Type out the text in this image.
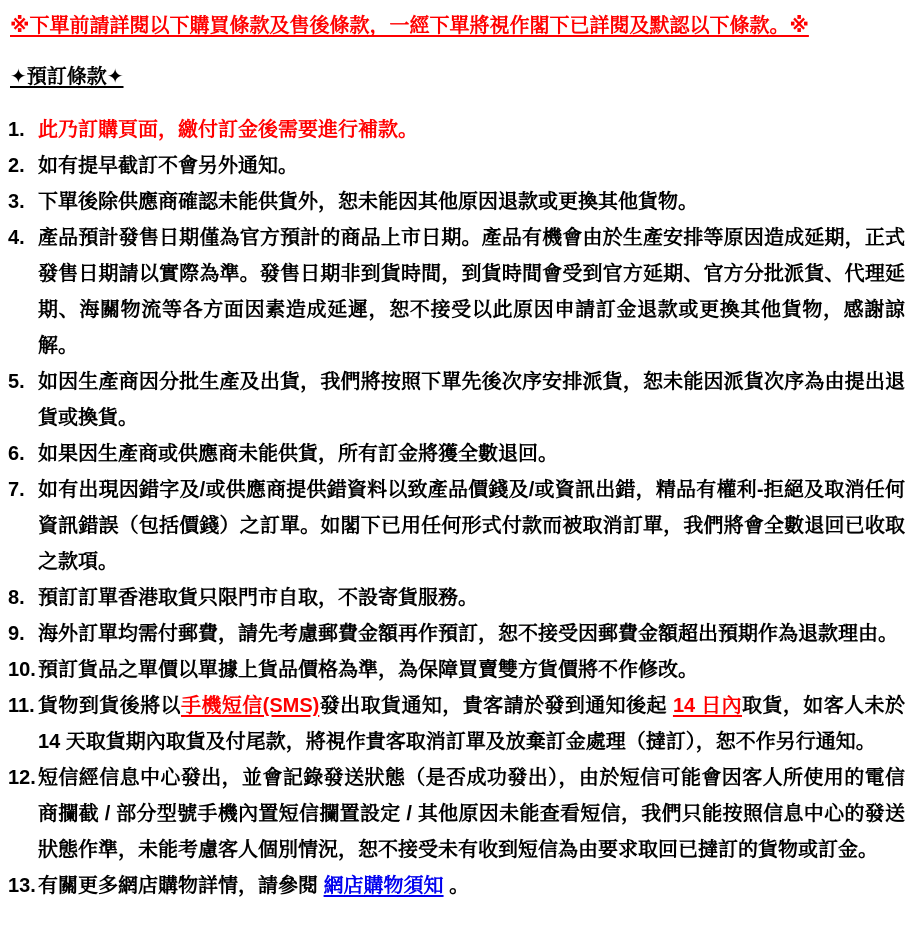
※下單前請詳閱以下購買條款及售後條款，一經下單將視作閣下已詳閱及默認以下條款。※

✦預訂條款✦
1. 此乃訂購頁面，繳付訂金後需要進行補款。
2. 如有提早截訂不會另外通知。
3. 下單後除供應商確認未能供貨外，恕未能因其他原因退款或更換其他貨物。
4. 產品預計發售日期僅為官方預計的商品上市日期。產品有機會由於生產安排等原因造成延期，正式發售日期請以實際為準。發售日期非到貨時間，到貨時間會受到官方延期、官方分批派貨、代理延期、海關物流等各方面因素造成延遲，恕不接受以此原因申請訂金退款或更換其他貨物，感謝諒解。
5. 如因生產商因分批生產及出貨，我們將按照下單先後次序安排派貨，恕未能因派貨次序為由提出退貨或換貨。
6. 如果因生產商或供應商未能供貨，所有訂金將獲全數退回。
7. 如有出現因錯字及/或供應商提供錯資料以致產品價錢及/或資訊出錯，精品有權利-拒絕及取消任何資訊錯誤（包括價錢）之訂單。如閣下已用任何形式付款而被取消訂單，我們將會全數退回已收取之款項。
8. 預訂訂單香港取貨只限門市自取，不設寄貨服務。
9. 海外訂單均需付郵費，請先考慮郵費金額再作預訂，恕不接受因郵費金額超出預期作為退款理由。
10. 預訂貨品之單價以單據上貨品價格為準，為保障買賣雙方貨價將不作修改。
11. 貨物到貨後將以手機短信(SMS)發出取貨通知，貴客請於發到通知後起 14 日內取貨，如客人未於 14 天取貨期內取貨及付尾款，將視作貴客取消訂單及放棄訂金處理（撻訂），恕不作另行通知。
12. 短信經信息中心發出，並會記錄發送狀態（是否成功發出），由於短信可能會因客人所使用的電信商攔截 / 部分型號手機內置短信攔置設定 / 其他原因未能查看短信，我們只能按照信息中心的發送狀態作準，未能考慮客人個別情況，恕不接受未有收到短信為由要求取回已撻訂的貨物或訂金。
13. 有關更多網店購物詳情，請參閱 網店購物須知 。
